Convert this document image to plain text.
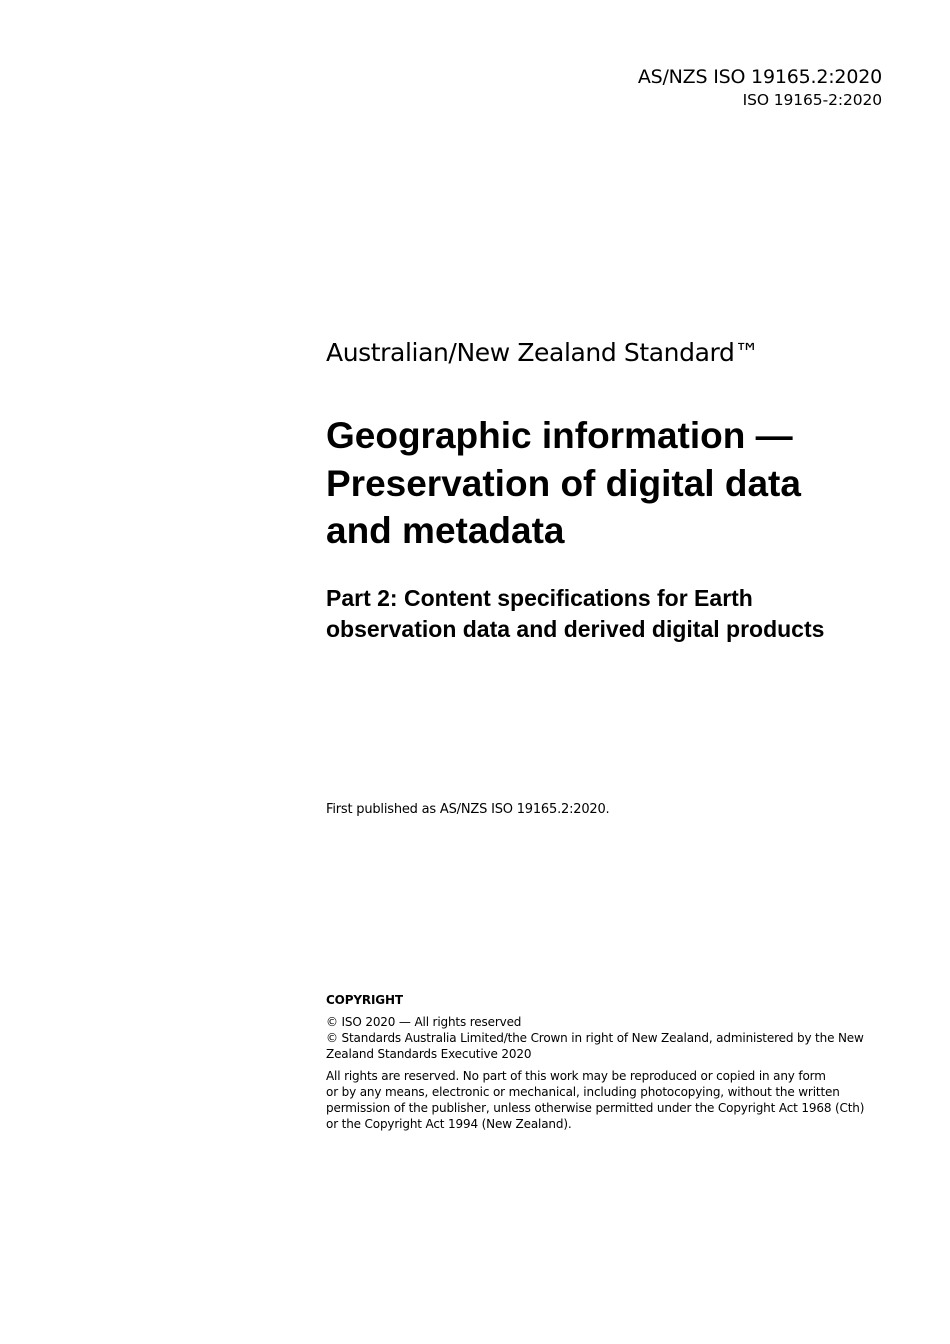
AS/NZS ISO 19165.2:2020
ISO 19165-2:2020
Australian/New Zealand Standard™
Geographic information —
Preservation of digital data
and metadata
Part 2: Content specifications for Earth
observation data and derived digital products
First published as AS/NZS ISO 19165.2:2020.
COPYRIGHT
© ISO 2020 — All rights reserved
© Standards Australia Limited/the Crown in right of New Zealand, administered by the New
Zealand Standards Executive 2020
All rights are reserved. No part of this work may be reproduced or copied in any form
or by any means, electronic or mechanical, including photocopying, without the written
permission of the publisher, unless otherwise permitted under the Copyright Act 1968 (Cth)
or the Copyright Act 1994 (New Zealand).
